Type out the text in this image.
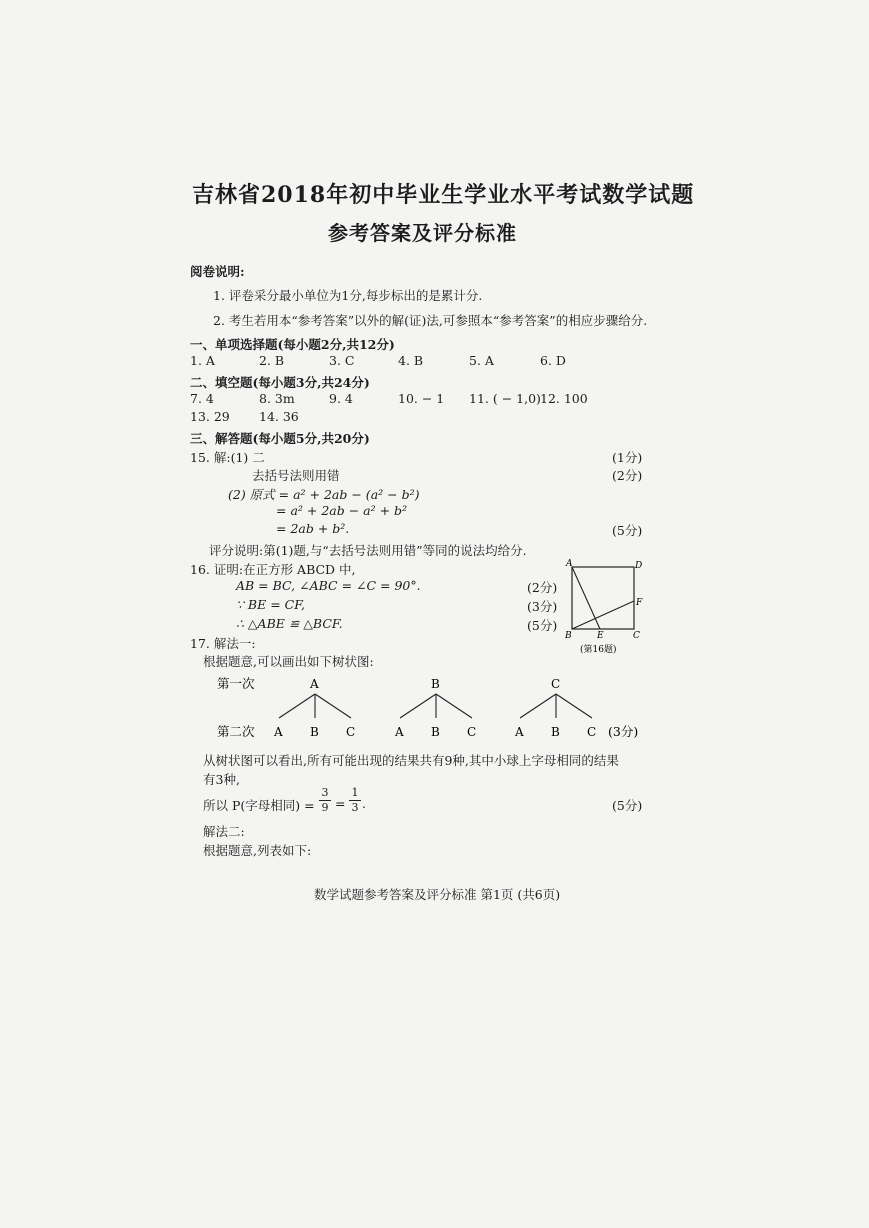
吉林省2018年初中毕业生学业水平考试数学试题
参考答案及评分标准
阅卷说明:
1. 评卷采分最小单位为1分,每步标出的是累计分.
2. 考生若用本“参考答案”以外的解(证)法,可参照本“参考答案”的相应步骤给分.
一、单项选择题(每小题2分,共12分)
1. A	2. B	3. C	4. B	5. A	6. D
二、填空题(每小题3分,共24分)
7. 4	8. 3m	9. 4	10. − 1 11. ( − 1,0) 12. 100
13. 29 14. 36
三、解答题(每小题5分,共20分)
15. 解:(1) 二	(1分)
去括号法则用错	(2分)
(2) 原式 = a² + 2ab − (a² − b²)
= a² + 2ab − a² + b²
= 2ab + b².	(5分)
评分说明:第(1)题,与“去括号法则用错”等同的说法均给分.
16. 证明:在正方形 ABCD 中,
AB = BC, ∠ABC = ∠C = 90°.	(2分)
∵ BE = CF,	(3分)
∴ △ABE ≌ △BCF.	(5分)
A	D
F
B	E	C
(第16题)
17. 解法一:
根据题意,可以画出如下树状图:
第一次
第二次
A
A B C
B
A B C
C
A B C (3分)
从树状图可以看出,所有可能出现的结果共有9种,其中小球上字母相同的结果
有3种,
所以 P(字母相同) =
3
9 =
1
3 .	(5分)
解法二:
根据题意,列表如下:
数学试题参考答案及评分标准 第1页 (共6页)
